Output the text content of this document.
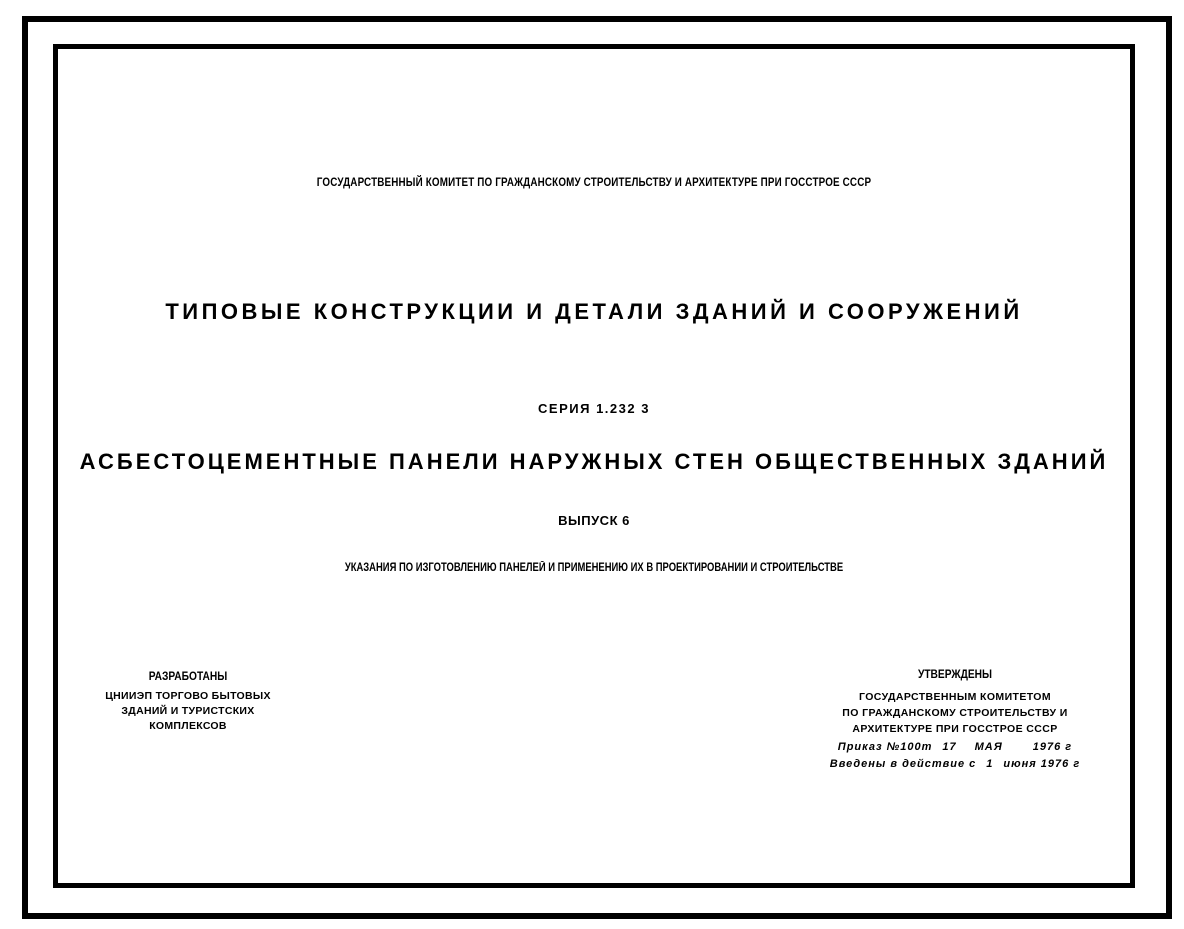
ГОСУДАРСТВЕННЫЙ КОМИТЕТ ПО ГРАЖДАНСКОМУ СТРОИТЕЛЬСТВУ И АРХИТЕКТУРЕ ПРИ ГОССТРОЕ СССР
ТИПОВЫЕ КОНСТРУКЦИИ И ДЕТАЛИ ЗДАНИЙ И СООРУЖЕНИЙ
СЕРИЯ 1.232 3
АСБЕСТОЦЕМЕНТНЫЕ ПАНЕЛИ НАРУЖНЫХ СТЕН ОБЩЕСТВЕННЫХ ЗДАНИЙ
ВЫПУСК 6
УКАЗАНИЯ ПО ИЗГОТОВЛЕНИЮ ПАНЕЛЕЙ И ПРИМЕНЕНИЮ ИХ В ПРОЕКТИРОВАНИИ И СТРОИТЕЛЬСТВЕ
РАЗРАБОТАНЫ
ЦНИИЭП ТОРГОВО БЫТОВЫХ
ЗДАНИЙ И ТУРИСТСКИХ
КОМПЛЕКСОВ
УТВЕРЖДЕНЫ
ГОСУДАРСТВЕННЫМ КОМИТЕТОМ
ПО ГРАЖДАНСКОМУ СТРОИТЕЛЬСТВУ И
АРХИТЕКТУРЕ ПРИ ГОССТРОЕ СССР
Приказ №100т 17 МАЯ	1976 г
Введены в действие с 1 июня 1976 г
